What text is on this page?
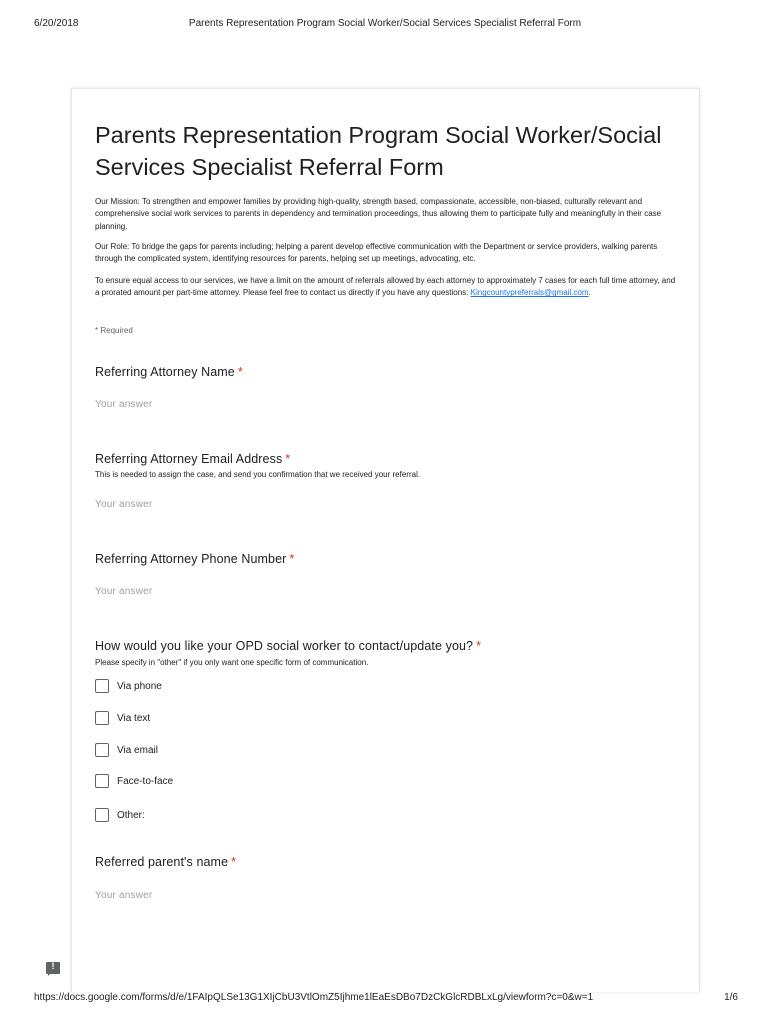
6/20/2018	Parents Representation Program Social Worker/Social Services Specialist Referral Form
Parents Representation Program Social Worker/Social Services Specialist Referral Form

Our Mission: To strengthen and empower families by providing high-quality, strength based, compassionate, accessible, non-biased, culturally relevant and comprehensive social work services to parents in dependency and termination proceedings, thus allowing them to participate fully and meaningfully in their case planning.

Our Role: To bridge the gaps for parents including; helping a parent develop effective communication with the Department or service providers, walking parents through the complicated system, identifying resources for parents, helping set up meetings, advocating, etc.

To ensure equal access to our services, we have a limit on the amount of referrals allowed by each attorney to approximately 7 cases for each full time attorney, and a prorated amount per part-time attorney. Please feel free to contact us directly if you have any questions: Kingcountypreferrals@gmail.com.

* Required
Referring Attorney Name *
Your answer
Referring Attorney Email Address *
This is needed to assign the case, and send you confirmation that we received your referral.
Your answer
Referring Attorney Phone Number *
Your answer
How would you like your OPD social worker to contact/update you? *
Please specify in "other" if you only want one specific form of communication.
Via phone
Via text
Via email
Face-to-face
Other:
Referred parent's name *
Your answer
!
https://docs.google.com/forms/d/e/1FAIpQLSe13G1XIjCbU3VtlOmZ5Ijhme1lEaEsDBo7DzCkGlcRDBLxLg/viewform?c=0&w=1	1/6
